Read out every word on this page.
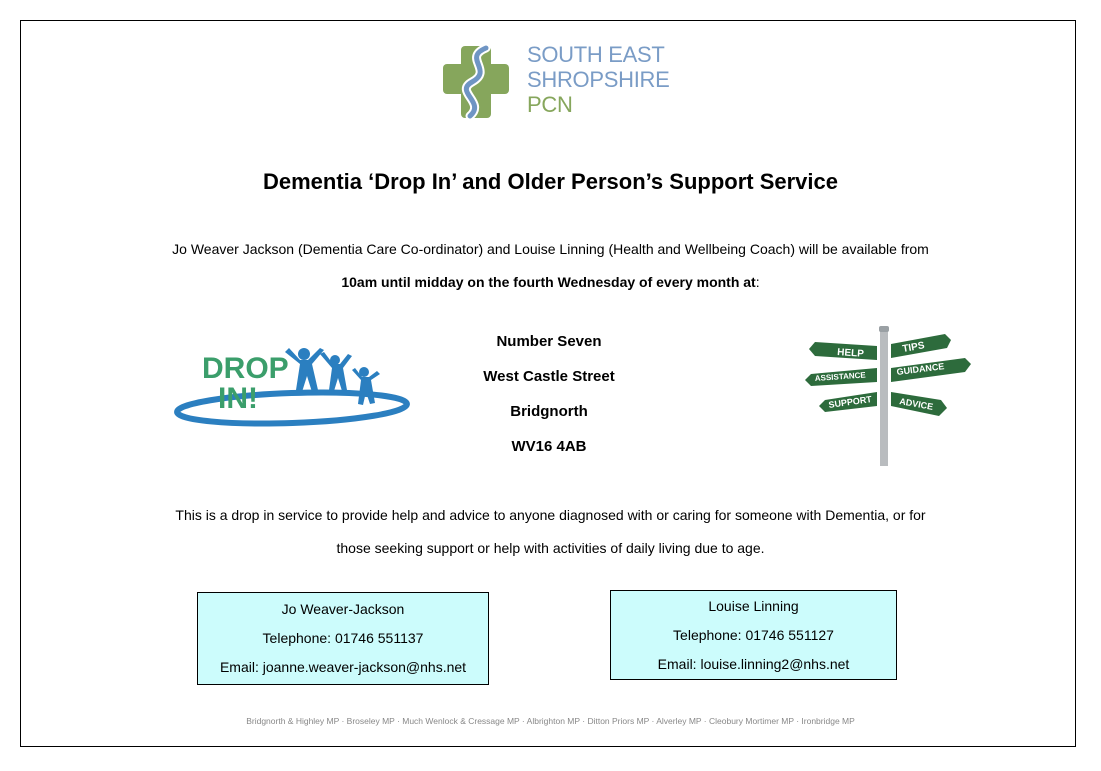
SOUTH EAST
SHROPSHIRE
PCN
Dementia ‘Drop In’ and Older Person’s Support Service
Jo Weaver Jackson (Dementia Care Co-ordinator) and Louise Linning (Health and Wellbeing Coach) will be available from
10am until midday on the fourth Wednesday of every month at:
DROP
IN!
Number Seven
West Castle Street
Bridgnorth
WV16 4AB
HELP	TIPS
ASSISTANCE	GUIDANCE
SUPPORT	ADVICE
This is a drop in service to provide help and advice to anyone diagnosed with or caring for someone with Dementia, or for
those seeking support or help with activities of daily living due to age.
Jo Weaver-Jackson
Telephone: 01746 551137
Email: joanne.weaver-jackson@nhs.net
Louise Linning
Telephone: 01746 551127
Email: louise.linning2@nhs.net
Bridgnorth & Highley MP · Broseley MP · Much Wenlock & Cressage MP · Albrighton MP · Ditton Priors MP · Alverley MP · Cleobury Mortimer MP · Ironbridge MP
